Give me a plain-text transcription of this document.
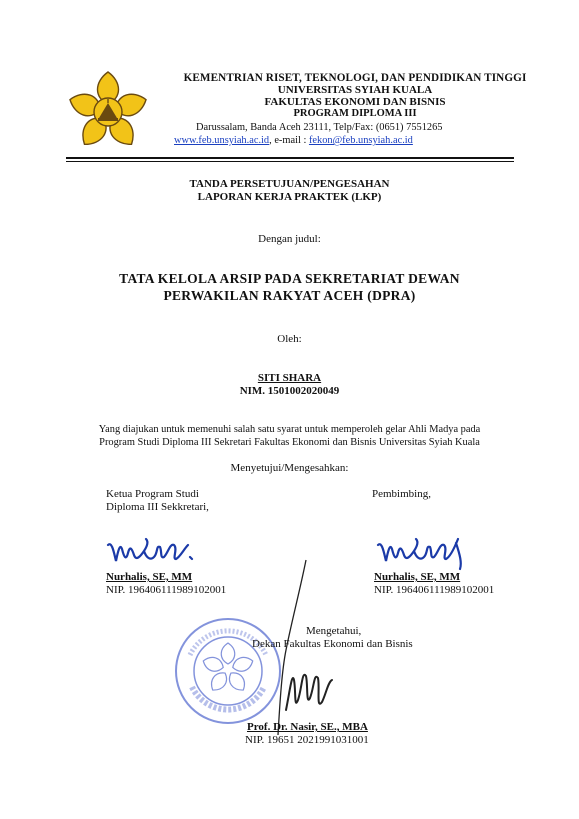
KEMENTRIAN RISET, TEKNOLOGI, DAN PENDIDIKAN TINGGI
UNIVERSITAS SYIAH KUALA
FAKULTAS EKONOMI DAN BISNIS
PROGRAM DIPLOMA III
Darussalam, Banda Aceh 23111, Telp/Fax: (0651) 7551265
www.feb.unsyiah.ac.id, e-mail : fekon@feb.unsyiah.ac.id
TANDA PERSETUJUAN/PENGESAHAN
LAPORAN KERJA PRAKTEK (LKP)
Dengan judul:
TATA KELOLA ARSIP PADA SEKRETARIAT DEWAN
PERWAKILAN RAKYAT ACEH (DPRA)
Oleh:
SITI SHARA
NIM. 1501002020049
Yang diajukan untuk memenuhi salah satu syarat untuk memperoleh gelar Ahli Madya pada
Program Studi Diploma III Sekretari Fakultas Ekonomi dan Bisnis Universitas Syiah Kuala
Menyetujui/Mengesahkan:
Ketua Program Studi
Diploma III Sekkretari,
Pembimbing,
Nurhalis, SE, MM
NIP. 196406111989102001
Nurhalis, SE, MM
NIP. 196406111989102001
Mengetahui,
Dekan Fakultas Ekonomi dan Bisnis
Prof. Dr. Nasir, SE., MBA
NIP. 19651 2021991031001
